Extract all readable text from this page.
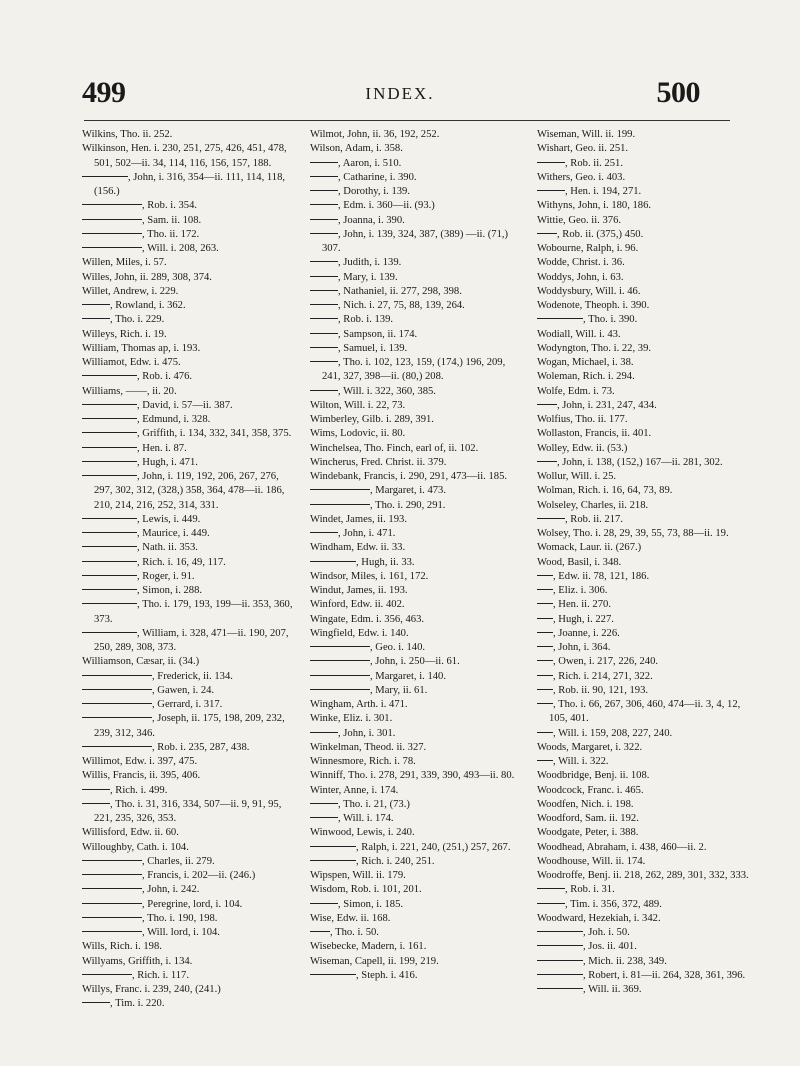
499	INDEX.	500
Wilkins, Tho. ii. 252.
Wilkinson, Hen. i. 230, 251, 275, 426, 451, 478, 501, 502—ii. 34, 114, 116, 156, 157, 188.
, John, i. 316, 354—ii. 111, 114, 118, (156.)
, Rob. i. 354.
, Sam. ii. 108.
, Tho. ii. 172.
, Will. i. 208, 263.
Willen, Miles, i. 57.
Willes, John, ii. 289, 308, 374.
Willet, Andrew, i. 229.
, Rowland, i. 362.
, Tho. i. 229.
Willeys, Rich. i. 19.
William, Thomas ap, i. 193.
Williamot, Edw. i. 475.
, Rob. i. 476.
Williams, ——, ii. 20.
, David, i. 57—ii. 387.
, Edmund, i. 328.
, Griffith, i. 134, 332, 341, 358, 375.
, Hen. i. 87.
, Hugh, i. 471.
, John, i. 119, 192, 206, 267, 276, 297, 302, 312, (328,) 358, 364, 478—ii. 186, 210, 214, 216, 252, 314, 331.
, Lewis, i. 449.
, Maurice, i. 449.
, Nath. ii. 353.
, Rich. i. 16, 49, 117.
, Roger, i. 91.
, Simon, i. 288.
, Tho. i. 179, 193, 199—ii. 353, 360, 373.
, William, i. 328, 471—ii. 190, 207, 250, 289, 308, 373.
Williamson, Cæsar, ii. (34.)
, Frederick, ii. 134.
, Gawen, i. 24.
, Gerrard, i. 317.
, Joseph, ii. 175, 198, 209, 232, 239, 312, 346.
, Rob. i. 235, 287, 438.
Willimot, Edw. i. 397, 475.
Willis, Francis, ii. 395, 406.
, Rich. i. 499.
, Tho. i. 31, 316, 334, 507—ii. 9, 91, 95, 221, 235, 326, 353.
Willisford, Edw. ii. 60.
Willoughby, Cath. i. 104.
, Charles, ii. 279.
, Francis, i. 202—ii. (246.)
, John, i. 242.
, Peregrine, lord, i. 104.
, Tho. i. 190, 198.
, Will. lord, i. 104.
Wills, Rich. i. 198.
Willyams, Griffith, i. 134.
, Rich. i. 117.
Willys, Franc. i. 239, 240, (241.)
, Tim. i. 220.
Wilmot, John, ii. 36, 192, 252.
Wilson, Adam, i. 358.
, Aaron, i. 510.
, Catharine, i. 390.
, Dorothy, i. 139.
, Edm. i. 360—ii. (93.)
, Joanna, i. 390.
, John, i. 139, 324, 387, (389) —ii. (71,) 307.
, Judith, i. 139.
, Mary, i. 139.
, Nathaniel, ii. 277, 298, 398.
, Nich. i. 27, 75, 88, 139, 264.
, Rob. i. 139.
, Sampson, ii. 174.
, Samuel, i. 139.
, Tho. i. 102, 123, 159, (174,) 196, 209, 241, 327, 398—ii. (80,) 208.
, Will. i. 322, 360, 385.
Wilton, Will. i. 22, 73.
Wimberley, Gilb. i. 289, 391.
Wims, Lodovic, ii. 80.
Winchelsea, Tho. Finch, earl of, ii. 102.
Wincherus, Fred. Christ. ii. 379.
Windebank, Francis, i. 290, 291, 473—ii. 185.
, Margaret, i. 473.
, Tho. i. 290, 291.
Windet, James, ii. 193.
, John, i. 471.
Windham, Edw. ii. 33.
, Hugh, ii. 33.
Windsor, Miles, i. 161, 172.
Windut, James, ii. 193.
Winford, Edw. ii. 402.
Wingate, Edm. i. 356, 463.
Wingfield, Edw. i. 140.
, Geo. i. 140.
, John, i. 250—ii. 61.
, Margaret, i. 140.
, Mary, ii. 61.
Wingham, Arth. i. 471.
Winke, Eliz. i. 301.
, John, i. 301.
Winkelman, Theod. ii. 327.
Winnesmore, Rich. i. 78.
Winniff, Tho. i. 278, 291, 339, 390, 493—ii. 80.
Winter, Anne, i. 174.
, Tho. i. 21, (73.)
, Will. i. 174.
Winwood, Lewis, i. 240.
, Ralph, i. 221, 240, (251,) 257, 267.
, Rich. i. 240, 251.
Wipspen, Will. ii. 179.
Wisdom, Rob. i. 101, 201.
, Simon, i. 185.
Wise, Edw. ii. 168.
, Tho. i. 50.
Wisebecke, Madern, i. 161.
Wiseman, Capell, ii. 199, 219.
, Steph. i. 416.
Wiseman, Will. ii. 199.
Wishart, Geo. ii. 251.
, Rob. ii. 251.
Withers, Geo. i. 403.
, Hen. i. 194, 271.
Withyns, John, i. 180, 186.
Wittie, Geo. ii. 376.
, Rob. ii. (375,) 450.
Wobourne, Ralph, i. 96.
Wodde, Christ. i. 36.
Woddys, John, i. 63.
Woddysbury, Will. i. 46.
Wodenote, Theoph. i. 390.
, Tho. i. 390.
Wodiall, Will. i. 43.
Wodyngton, Tho. i. 22, 39.
Wogan, Michael, i. 38.
Woleman, Rich. i. 294.
Wolfe, Edm. i. 73.
, John, i. 231, 247, 434.
Wolfius, Tho. ii. 177.
Wollaston, Francis, ii. 401.
Wolley, Edw. ii. (53.)
, John, i. 138, (152,) 167—ii. 281, 302.
Wollur, Will. i. 25.
Wolman, Rich. i. 16, 64, 73, 89.
Wolseley, Charles, ii. 218.
, Rob. ii. 217.
Wolsey, Tho. i. 28, 29, 39, 55, 73, 88—ii. 19.
Womack, Laur. ii. (267.)
Wood, Basil, i. 348.
, Edw. ii. 78, 121, 186.
, Eliz. i. 306.
, Hen. ii. 270.
, Hugh, i. 227.
, Joanne, i. 226.
, John, i. 364.
, Owen, i. 217, 226, 240.
, Rich. i. 214, 271, 322.
, Rob. ii. 90, 121, 193.
, Tho. i. 66, 267, 306, 460, 474—ii. 3, 4, 12, 105, 401.
, Will. i. 159, 208, 227, 240.
Woods, Margaret, i. 322.
, Will. i. 322.
Woodbridge, Benj. ii. 108.
Woodcock, Franc. i. 465.
Woodfen, Nich. i. 198.
Woodford, Sam. ii. 192.
Woodgate, Peter, i. 388.
Woodhead, Abraham, i. 438, 460—ii. 2.
Woodhouse, Will. ii. 174.
Woodroffe, Benj. ii. 218, 262, 289, 301, 332, 333.
, Rob. i. 31.
, Tim. i. 356, 372, 489.
Woodward, Hezekiah, i. 342.
, Joh. i. 50.
, Jos. ii. 401.
, Mich. ii. 238, 349.
, Robert, i. 81—ii. 264, 328, 361, 396.
, Will. ii. 369.
